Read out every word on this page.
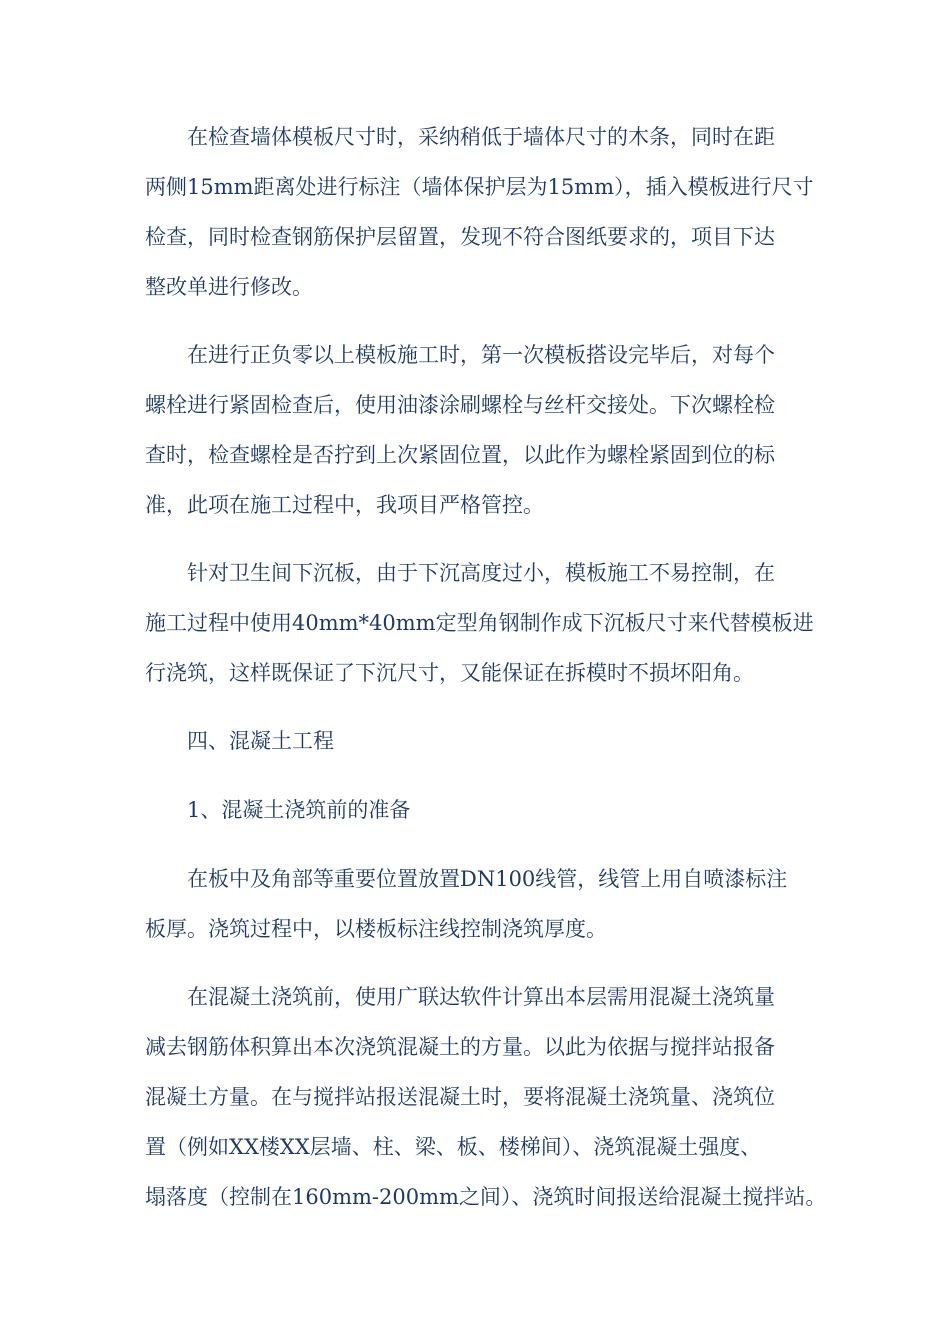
在检查墙体模板尺寸时，采纳稍低于墙体尺寸的木条，同时在距
两侧15mm距离处进行标注（墙体保护层为15mm），插入模板进行尺寸
检查，同时检查钢筋保护层留置，发现不符合图纸要求的，项目下达
整改单进行修改。

在进行正负零以上模板施工时，第一次模板搭设完毕后，对每个
螺栓进行紧固检查后，使用油漆涂刷螺栓与丝杆交接处。下次螺栓检
查时，检查螺栓是否拧到上次紧固位置，以此作为螺栓紧固到位的标
准，此项在施工过程中，我项目严格管控。

针对卫生间下沉板，由于下沉高度过小，模板施工不易控制，在
施工过程中使用40mm*40mm定型角钢制作成下沉板尺寸来代替模板进
行浇筑，这样既保证了下沉尺寸，又能保证在拆模时不损坏阳角。

四、混凝土工程

1、混凝土浇筑前的准备

在板中及角部等重要位置放置DN100线管，线管上用自喷漆标注
板厚。浇筑过程中，以楼板标注线控制浇筑厚度。

在混凝土浇筑前，使用广联达软件计算出本层需用混凝土浇筑量
减去钢筋体积算出本次浇筑混凝土的方量。以此为依据与搅拌站报备
混凝土方量。在与搅拌站报送混凝土时，要将混凝土浇筑量、浇筑位
置（例如XX楼XX层墙、柱、梁、板、楼梯间）、浇筑混凝土强度、
塌落度（控制在160mm-200mm之间）、浇筑时间报送给混凝土搅拌站。
